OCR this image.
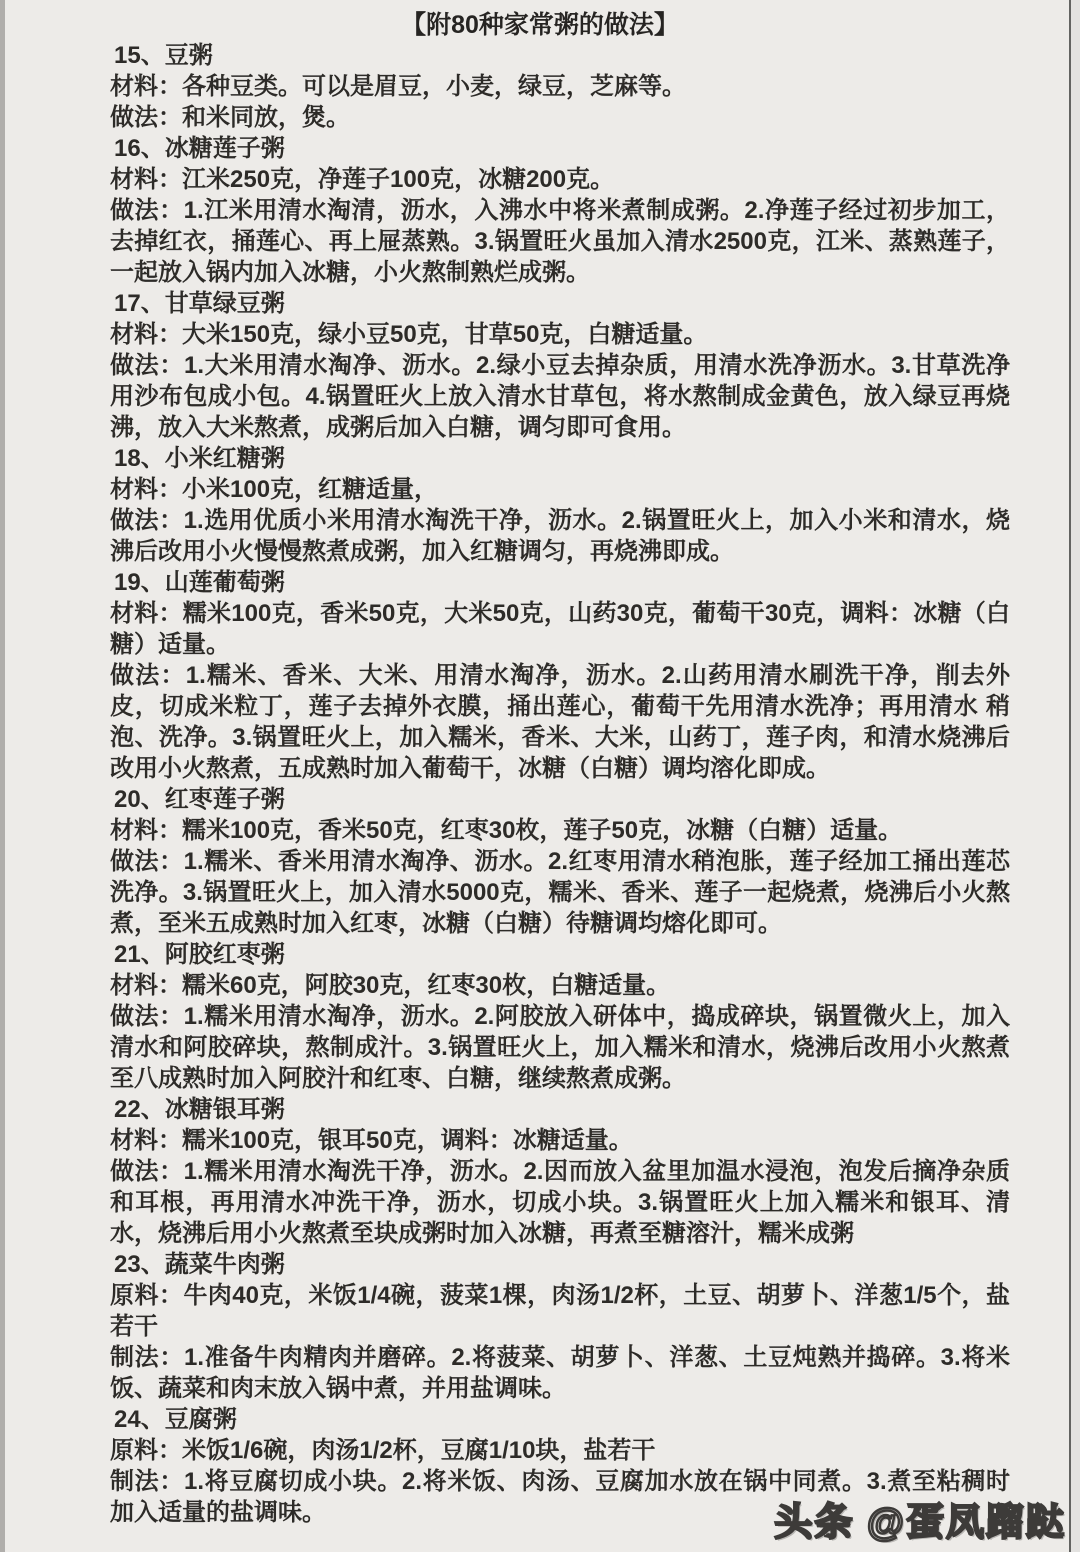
【附80种家常粥的做法】
15、豆粥

材料：各种豆类。可以是眉豆，小麦，绿豆，芝麻等。

做法：和米同放，煲。

16、冰糖莲子粥

材料：江米250克，净莲子100克，冰糖200克。

做法：1.江米用清水淘清，沥水，入沸水中将米煮制成粥。2.净莲子经过初步加工，去掉红衣，捅莲心、再上屉蒸熟。3.锅置旺火虽加入清水2500克，江米、蒸熟莲子，一起放入锅内加入冰糖，小火熬制熟烂成粥。

17、甘草绿豆粥

材料：大米150克，绿小豆50克，甘草50克，白糖适量。

做法：1.大米用清水淘净、沥水。2.绿小豆去掉杂质，用清水洗净沥水。3.甘草洗净用沙布包成小包。4.锅置旺火上放入清水甘草包，将水熬制成金黄色，放入绿豆再烧沸，放入大米熬煮，成粥后加入白糖，调匀即可食用。

18、小米红糖粥

材料：小米100克，红糖适量，

做法：1.选用优质小米用清水淘洗干净，沥水。2.锅置旺火上，加入小米和清水，烧沸后改用小火慢慢熬煮成粥，加入红糖调匀，再烧沸即成。

19、山莲葡萄粥

材料：糯米100克，香米50克，大米50克，山药30克，葡萄干30克，调料：冰糖（白糖）适量。

做法：1.糯米、香米、大米、用清水淘净，沥水。2.山药用清水刷洗干净，削去外皮，切成米粒丁，莲子去掉外衣膜，捅出莲心，葡萄干先用清水洗净；再用清水 稍泡、洗净。3.锅置旺火上，加入糯米，香米、大米，山药丁，莲子肉，和清水烧沸后改用小火熬煮，五成熟时加入葡萄干，冰糖（白糖）调均溶化即成。

20、红枣莲子粥

材料：糯米100克，香米50克，红枣30枚，莲子50克，冰糖（白糖）适量。

做法：1.糯米、香米用清水淘净、沥水。2.红枣用清水稍泡胀，莲子经加工捅出莲芯洗净。3.锅置旺火上，加入清水5000克，糯米、香米、莲子一起烧煮，烧沸后小火熬煮，至米五成熟时加入红枣，冰糖（白糖）待糖调均熔化即可。

21、阿胶红枣粥

材料：糯米60克，阿胶30克，红枣30枚，白糖适量。

做法：1.糯米用清水淘净，沥水。2.阿胶放入研体中，捣成碎块，锅置微火上，加入清水和阿胶碎块，熬制成汁。3.锅置旺火上，加入糯米和清水，烧沸后改用小火熬煮至八成熟时加入阿胶汁和红枣、白糖，继续熬煮成粥。

22、冰糖银耳粥

材料：糯米100克，银耳50克，调料：冰糖适量。

做法：1.糯米用清水淘洗干净，沥水。2.因而放入盆里加温水浸泡，泡发后摘净杂质和耳根，再用清水冲洗干净，沥水，切成小块。3.锅置旺火上加入糯米和银耳、清水，烧沸后用小火熬煮至块成粥时加入冰糖，再煮至糖溶汁，糯米成粥

23、蔬菜牛肉粥

原料：牛肉40克，米饭1/4碗，菠菜1棵，肉汤1/2杯，土豆、胡萝卜、洋葱1/5个，盐若干

制法：1.准备牛肉精肉并磨碎。2.将菠菜、胡萝卜、洋葱、土豆炖熟并捣碎。3.将米饭、蔬菜和肉末放入锅中煮，并用盐调味。

24、豆腐粥

原料：米饭1/6碗，肉汤1/2杯，豆腐1/10块，盐若干

制法：1.将豆腐切成小块。2.将米饭、肉汤、豆腐加水放在锅中同煮。3.煮至粘稠时加入适量的盐调味。	头条 @蛋凤蹓跶
